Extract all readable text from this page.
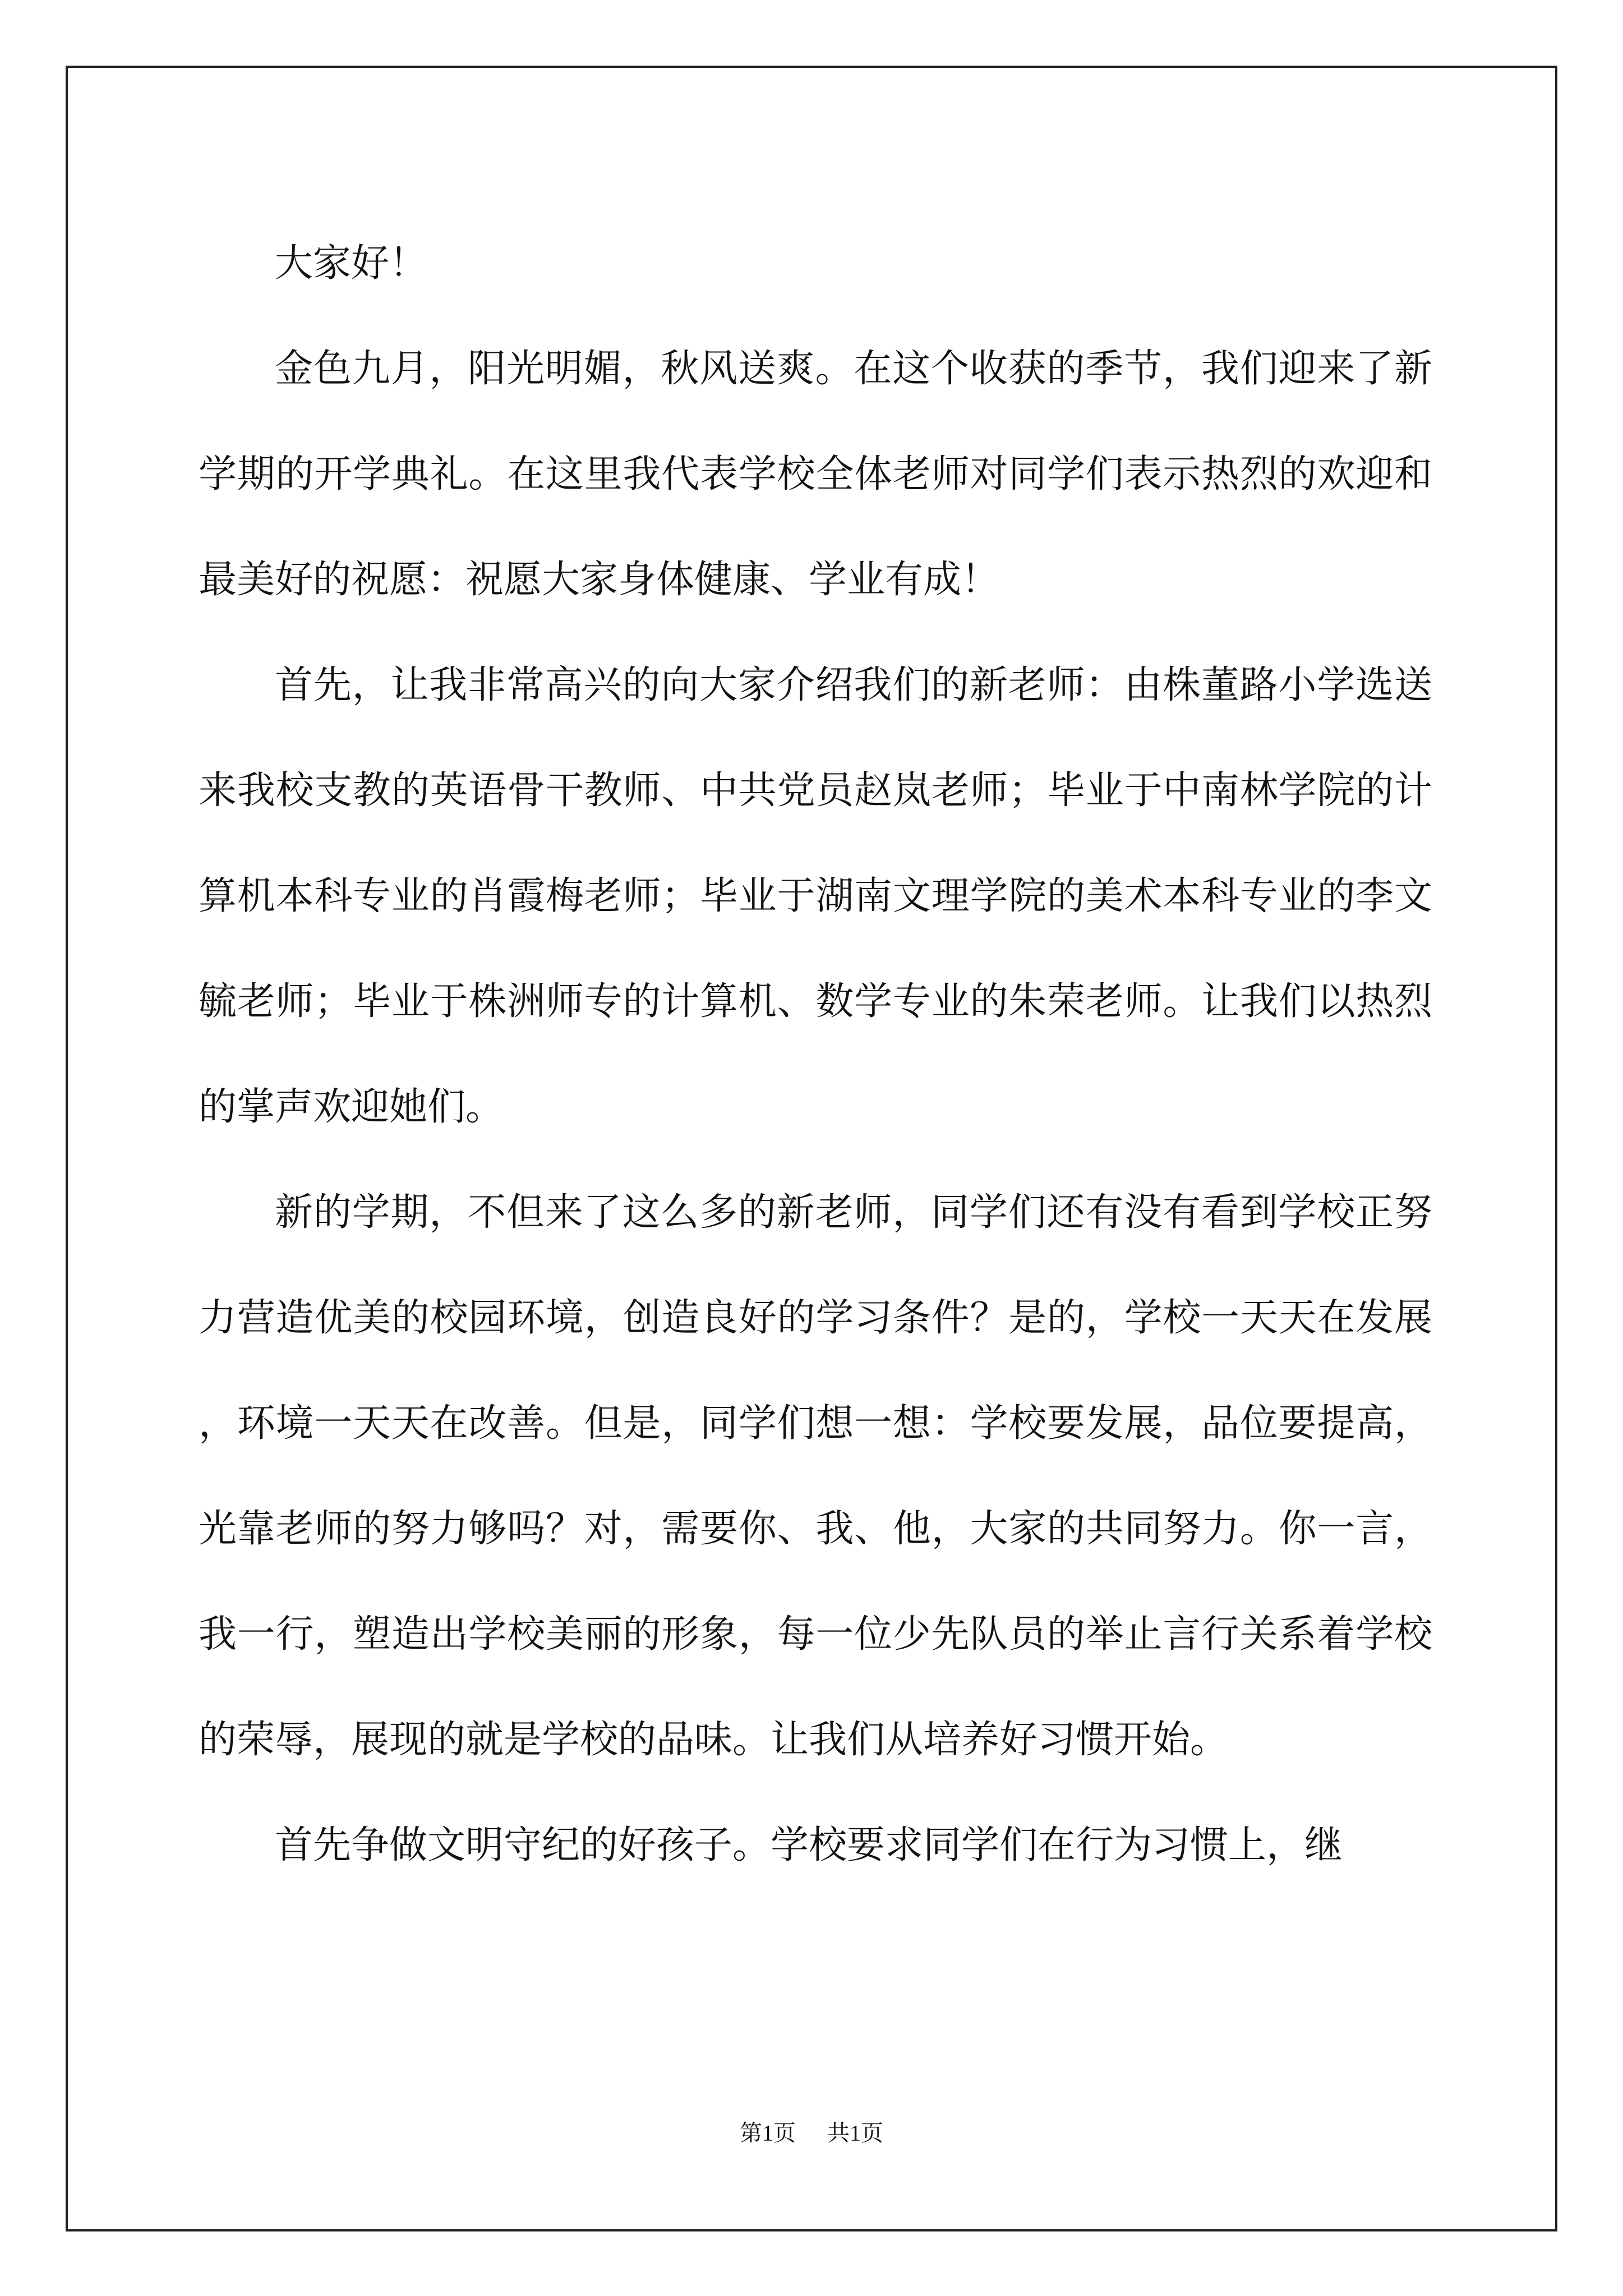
大家好！

金色九月，阳光明媚，秋风送爽。在这个收获的季节，我们迎来了新学期的开学典礼。在这里我代表学校全体老师对同学们表示热烈的欢迎和最美好的祝愿：祝愿大家身体健康、学业有成！

首先，让我非常高兴的向大家介绍我们的新老师：由株董路小学选送来我校支教的英语骨干教师、中共党员赵岚老师；毕业于中南林学院的计算机本科专业的肖霞梅老师；毕业于湖南文理学院的美术本科专业的李文毓老师；毕业于株洲师专的计算机、数学专业的朱荣老师。让我们以热烈的掌声欢迎她们。

新的学期，不但来了这么多的新老师，同学们还有没有看到学校正努力营造优美的校园环境，创造良好的学习条件？是的，学校一天天在发展，环境一天天在改善。但是，同学们想一想：学校要发展，品位要提高，光靠老师的努力够吗？对，需要你、我、他，大家的共同努力。你一言，我一行，塑造出学校美丽的形象，每一位少先队员的举止言行关系着学校的荣辱，展现的就是学校的品味。让我们从培养好习惯开始。

首先争做文明守纪的好孩子。学校要求同学们在行为习惯上，继

第1页 共1页
